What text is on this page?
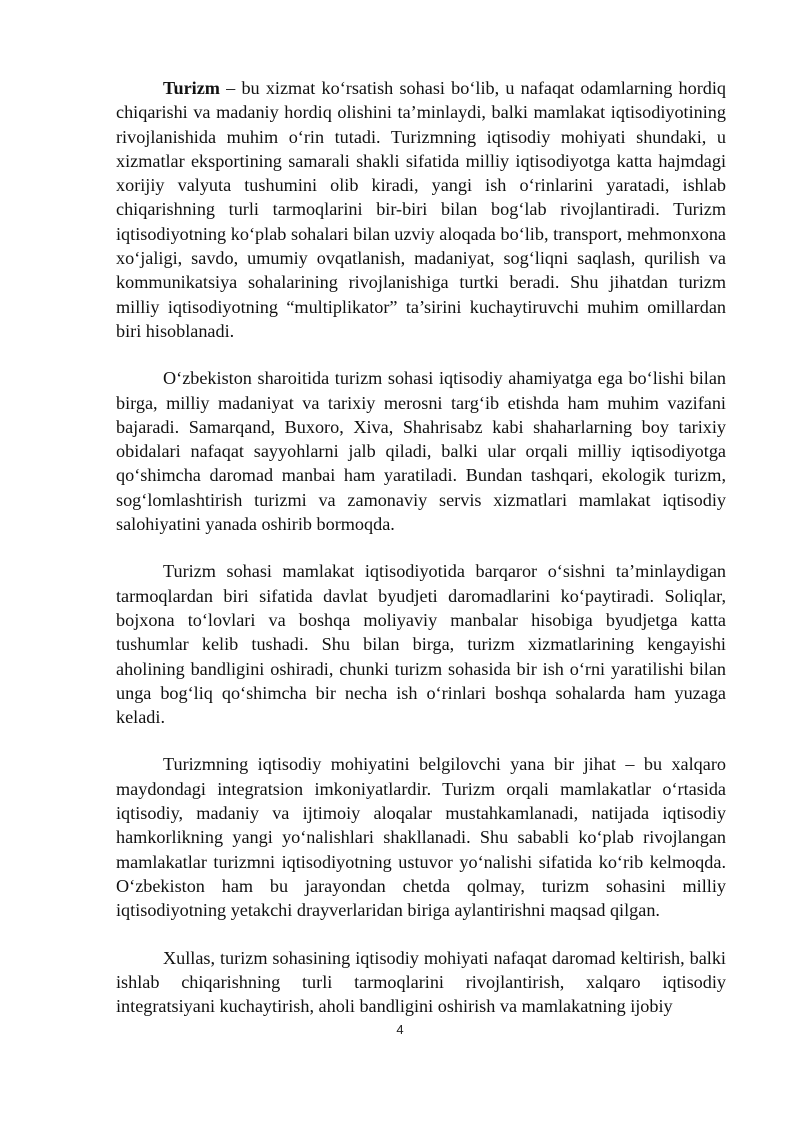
Turizm – bu xizmat ko‘rsatish sohasi bo‘lib, u nafaqat odamlarning hordiq chiqarishi va madaniy hordiq olishini ta’minlaydi, balki mamlakat iqtisodiyotining rivojlanishida muhim o‘rin tutadi. Turizmning iqtisodiy mohiyati shundaki, u xizmatlar eksportining samarali shakli sifatida milliy iqtisodiyotga katta hajmdagi xorijiy valyuta tushumini olib kiradi, yangi ish o‘rinlarini yaratadi, ishlab chiqarishning turli tarmoqlarini bir-biri bilan bog‘lab rivojlantiradi. Turizm iqtisodiyotning ko‘plab sohalari bilan uzviy aloqada bo‘lib, transport, mehmonxona xo‘jaligi, savdo, umumiy ovqatlanish, madaniyat, sog‘liqni saqlash, qurilish va kommunikatsiya sohalarining rivojlanishiga turtki beradi. Shu jihatdan turizm milliy iqtisodiyotning “multiplikator” ta’sirini kuchaytiruvchi muhim omillardan biri hisoblanadi.

O‘zbekiston sharoitida turizm sohasi iqtisodiy ahamiyatga ega bo‘lishi bilan birga, milliy madaniyat va tarixiy merosni targ‘ib etishda ham muhim vazifani bajaradi. Samarqand, Buxoro, Xiva, Shahrisabz kabi shaharlarning boy tarixiy obidalari nafaqat sayyohlarni jalb qiladi, balki ular orqali milliy iqtisodiyotga qo‘shimcha daromad manbai ham yaratiladi. Bundan tashqari, ekologik turizm, sog‘lomlashtirish turizmi va zamonaviy servis xizmatlari mamlakat iqtisodiy salohiyatini yanada oshirib bormoqda.

Turizm sohasi mamlakat iqtisodiyotida barqaror o‘sishni ta’minlaydigan tarmoqlardan biri sifatida davlat byudjeti daromadlarini ko‘paytiradi. Soliqlar, bojxona to‘lovlari va boshqa moliyaviy manbalar hisobiga byudjetga katta tushumlar kelib tushadi. Shu bilan birga, turizm xizmatlarining kengayishi aholining bandligini oshiradi, chunki turizm sohasida bir ish o‘rni yaratilishi bilan unga bog‘liq qo‘shimcha bir necha ish o‘rinlari boshqa sohalarda ham yuzaga keladi.

Turizmning iqtisodiy mohiyatini belgilovchi yana bir jihat – bu xalqaro maydondagi integratsion imkoniyatlardir. Turizm orqali mamlakatlar o‘rtasida iqtisodiy, madaniy va ijtimoiy aloqalar mustahkamlanadi, natijada iqtisodiy hamkorlikning yangi yo‘nalishlari shakllanadi. Shu sababli ko‘plab rivojlangan mamlakatlar turizmni iqtisodiyotning ustuvor yo‘nalishi sifatida ko‘rib kelmoqda. O‘zbekiston ham bu jarayondan chetda qolmay, turizm sohasini milliy iqtisodiyotning yetakchi drayverlaridan biriga aylantirishni maqsad qilgan.

Xullas, turizm sohasining iqtisodiy mohiyati nafaqat daromad keltirish, balki ishlab chiqarishning turli tarmoqlarini rivojlantirish, xalqaro iqtisodiy integratsiyani kuchaytirish, aholi bandligini oshirish va mamlakatning ijobiy

4
